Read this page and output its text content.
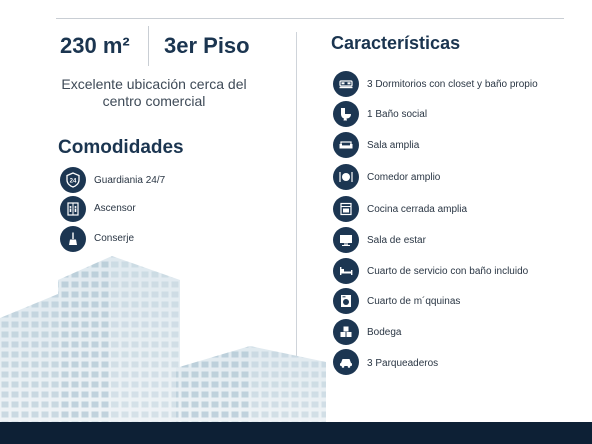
230 m² 3er Piso
Excelente ubicación cerca del centro comercial
Comodidades
24 Guardiania 24/7
Ascensor
Conserje
Características
3 Dormitorios con closet y baño propio
1 Baño social
Sala amplia
Comedor amplio
Cocina cerrada amplia
Sala de estar
Cuarto de servicio con baño incluido
Cuarto de m´qquinas
Bodega
3 Parqueaderos
